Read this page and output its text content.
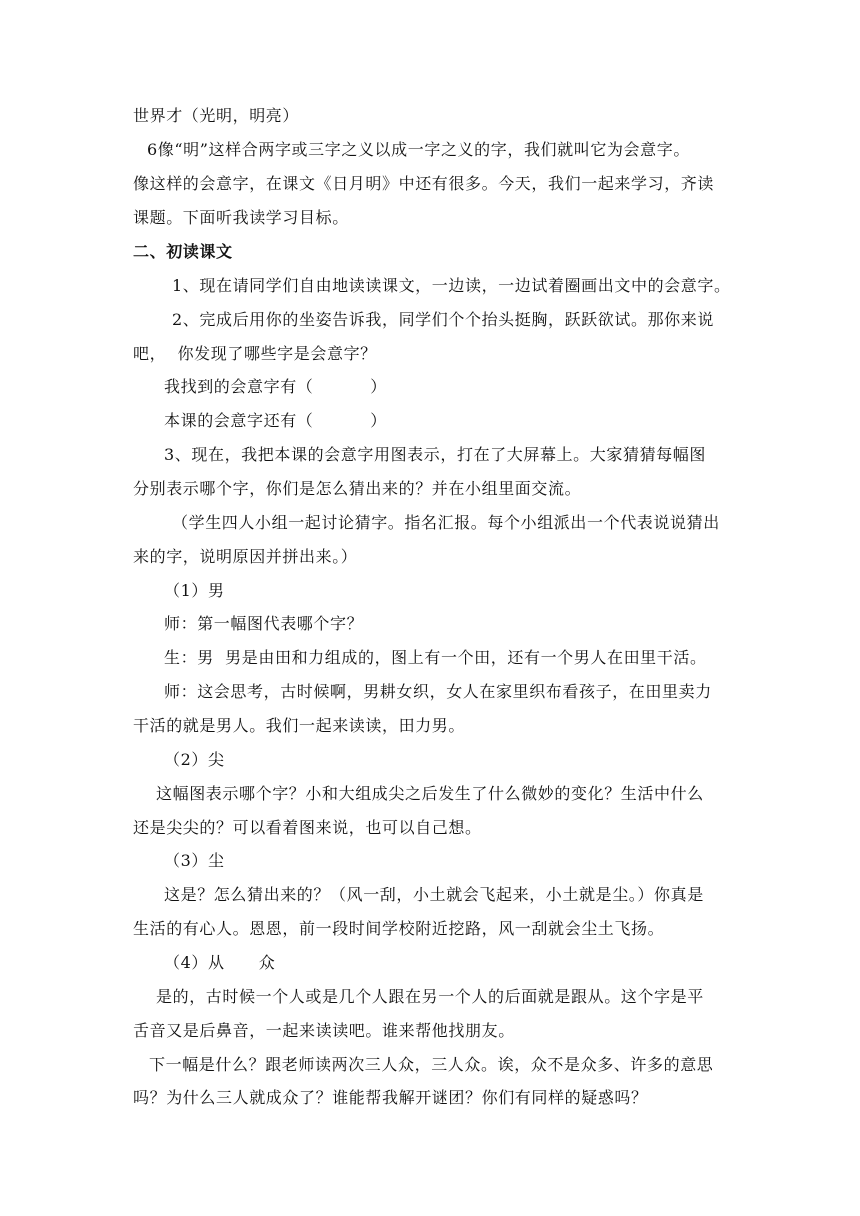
世界才（光明，明亮）
6像“明”这样合两字或三字之义以成一字之义的字，我们就叫它为会意字。
像这样的会意字，在课文《日月明》中还有很多。今天，我们一起来学习，齐读
课题。下面听我读学习目标。
二、初读课文
1、现在请同学们自由地读读课文，一边读，一边试着圈画出文中的会意字。
2、完成后用你的坐姿告诉我，同学们个个抬头挺胸，跃跃欲试。那你来说
吧，  你发现了哪些字是会意字？
我找到的会意字有（          ）
本课的会意字还有（          ）
3、现在，我把本课的会意字用图表示，打在了大屏幕上。大家猜猜每幅图
分别表示哪个字，你们是怎么猜出来的？并在小组里面交流。
（学生四人小组一起讨论猜字。指名汇报。每个小组派出一个代表说说猜出
来的字，说明原因并拼出来。）
（1）男
师：第一幅图代表哪个字？
生：男  男是由田和力组成的，图上有一个田，还有一个男人在田里干活。
师：这会思考，古时候啊，男耕女织，女人在家里织布看孩子，在田里卖力
干活的就是男人。我们一起来读读，田力男。
（2）尖
这幅图表示哪个字？小和大组成尖之后发生了什么微妙的变化？生活中什么
还是尖尖的？可以看着图来说，也可以自己想。
（3）尘
这是？怎么猜出来的？（风一刮，小土就会飞起来，小土就是尘。）你真是
生活的有心人。恩恩，前一段时间学校附近挖路，风一刮就会尘土飞扬。
（4）从      众
是的，古时候一个人或是几个人跟在另一个人的后面就是跟从。这个字是平
舌音又是后鼻音，一起来读读吧。谁来帮他找朋友。
下一幅是什么？跟老师读两次三人众，三人众。诶，众不是众多、许多的意思
吗？为什么三人就成众了？谁能帮我解开谜团？你们有同样的疑惑吗？
